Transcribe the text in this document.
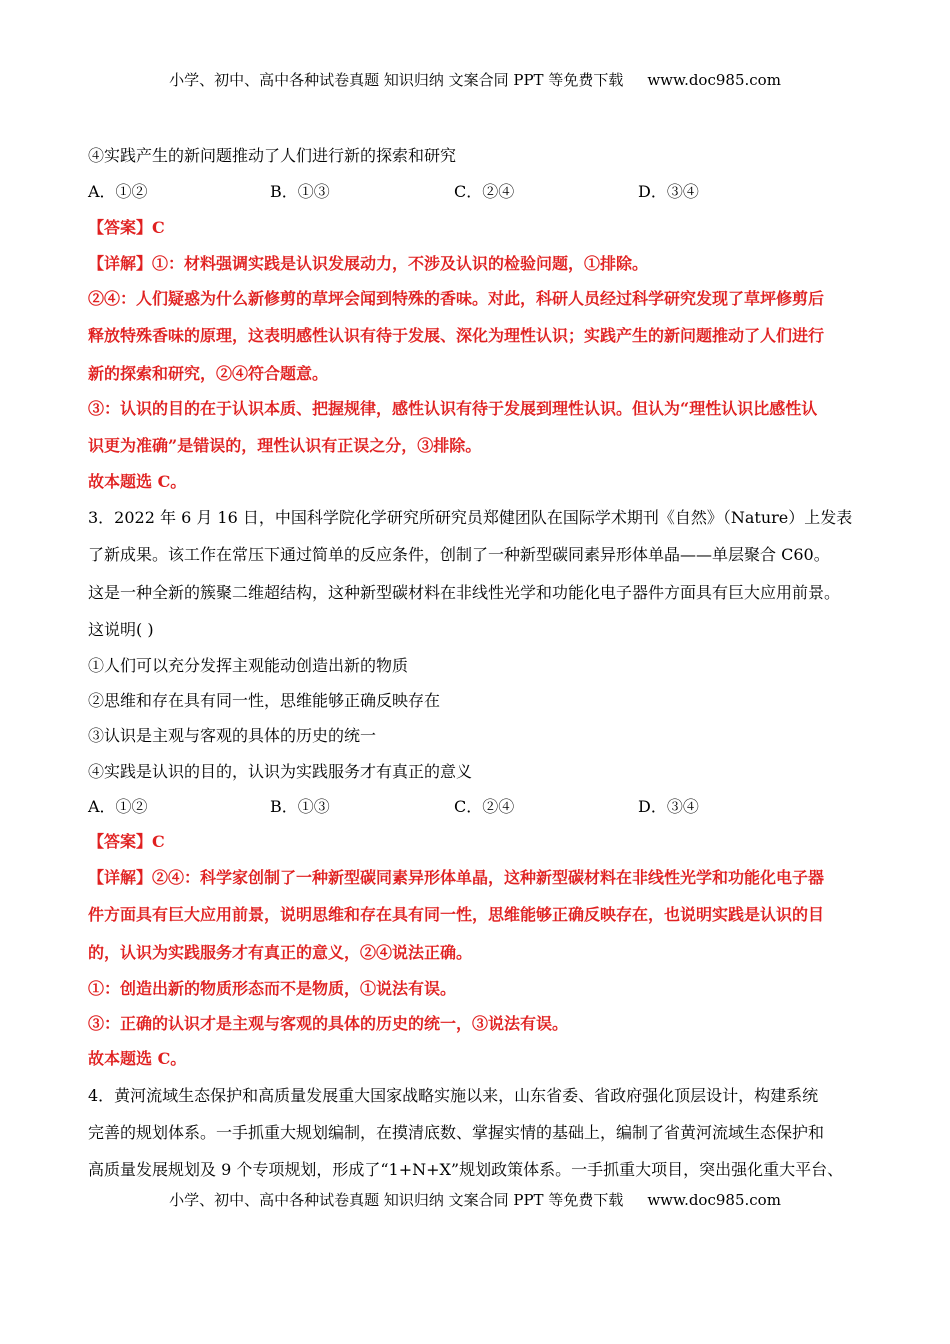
小学、初中、高中各种试卷真题 知识归纳 文案合同 PPT 等免费下载 www.doc985.com
④实践产生的新问题推动了人们进行新的探索和研究
A．①②	B．①③	C．②④	D．③④
【答案】C
【详解】①：材料强调实践是认识发展动力，不涉及认识的检验问题，①排除。
②④：人们疑惑为什么新修剪的草坪会闻到特殊的香味。对此，科研人员经过科学研究发现了草坪修剪后
释放特殊香味的原理，这表明感性认识有待于发展、深化为理性认识；实践产生的新问题推动了人们进行
新的探索和研究，②④符合题意。
③：认识的目的在于认识本质、把握规律，感性认识有待于发展到理性认识。但认为“理性认识比感性认
识更为准确”是错误的，理性认识有正误之分，③排除。
故本题选 C。
3．2022 年 6 月 16 日，中国科学院化学研究所研究员郑健团队在国际学术期刊《自然》（Nature）上发表
了新成果。该工作在常压下通过简单的反应条件，创制了一种新型碳同素异形体单晶——单层聚合 C60。
这是一种全新的簇聚二维超结构，这种新型碳材料在非线性光学和功能化电子器件方面具有巨大应用前景。
这说明( )
①人们可以充分发挥主观能动创造出新的物质
②思维和存在具有同一性，思维能够正确反映存在
③认识是主观与客观的具体的历史的统一
④实践是认识的目的，认识为实践服务才有真正的意义
A．①②	B．①③	C．②④	D．③④
【答案】C
【详解】②④：科学家创制了一种新型碳同素异形体单晶，这种新型碳材料在非线性光学和功能化电子器
件方面具有巨大应用前景，说明思维和存在具有同一性，思维能够正确反映存在，也说明实践是认识的目
的，认识为实践服务才有真正的意义，②④说法正确。
①：创造出新的物质形态而不是物质，①说法有误。
③：正确的认识才是主观与客观的具体的历史的统一，③说法有误。
故本题选 C。
4．黄河流域生态保护和高质量发展重大国家战略实施以来，山东省委、省政府强化顶层设计，构建系统
完善的规划体系。一手抓重大规划编制，在摸清底数、掌握实情的基础上，编制了省黄河流域生态保护和
高质量发展规划及 9 个专项规划，形成了“1+N+X”规划政策体系。一手抓重大项目，突出强化重大平台、
小学、初中、高中各种试卷真题 知识归纳 文案合同 PPT 等免费下载 www.doc985.com
